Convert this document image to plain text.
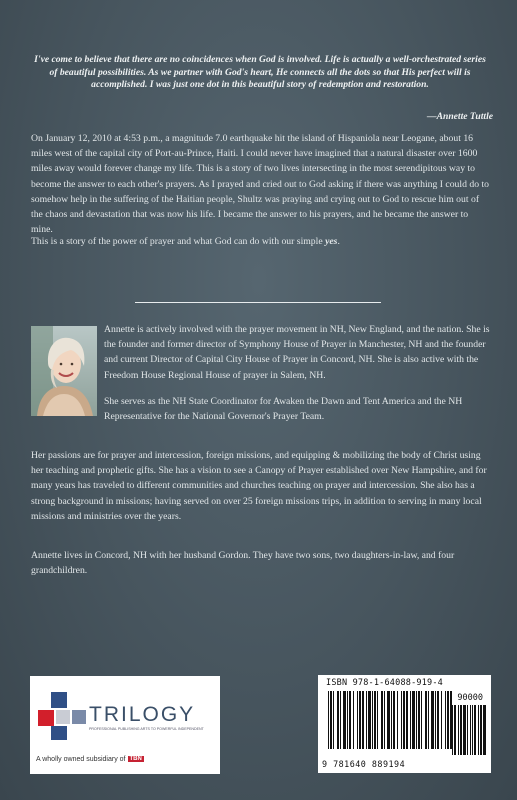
I've come to believe that there are no coincidences when God is involved. Life is actually a well-orchestrated series of beautiful possibilities. As we partner with God's heart, He connects all the dots so that His perfect will is accomplished. I was just one dot in this beautiful story of redemption and restoration.
—Annette Tuttle
On January 12, 2010 at 4:53 p.m., a magnitude 7.0 earthquake hit the island of Hispaniola near Leogane, about 16 miles west of the capital city of Port-au-Prince, Haiti. I could never have imagined that a natural disaster over 1600 miles away would forever change my life. This is a story of two lives intersecting in the most serendipitous way to become the answer to each other's prayers. As I prayed and cried out to God asking if there was anything I could do to somehow help in the suffering of the Haitian people, Shultz was praying and crying out to God to rescue him out of the chaos and devastation that was now his life. I became the answer to his prayers, and he became the answer to mine.
This is a story of the power of prayer and what God can do with our simple yes.
Annette is actively involved with the prayer movement in NH, New England, and the nation. She is the founder and former director of Symphony House of Prayer in Manchester, NH and the founder and current Director of Capital City House of Prayer in Concord, NH. She is also active with the Freedom House Regional House of prayer in Salem, NH.
She serves as the NH State Coordinator for Awaken the Dawn and Tent America and the NH Representative for the National Governor's Prayer Team.
Her passions are for prayer and intercession, foreign missions, and equipping & mobilizing the body of Christ using her teaching and prophetic gifts. She has a vision to see a Canopy of Prayer established over New Hampshire, and for many years has traveled to different communities and churches teaching on prayer and intercession. She also has a strong background in missions; having served on over 25 foreign missions trips, in addition to serving in many local missions and ministries over the years.
Annette lives in Concord, NH with her husband Gordon. They have two sons, two daughters-in-law, and four grandchildren.
TRILOGY
PROFESSIONAL PUBLISHING ARTS TO POWERFUL INDEPENDENT
A wholly owned subsidiary of TBN
ISBN 978-1-64088-919-4
90000
9 781640 889194
